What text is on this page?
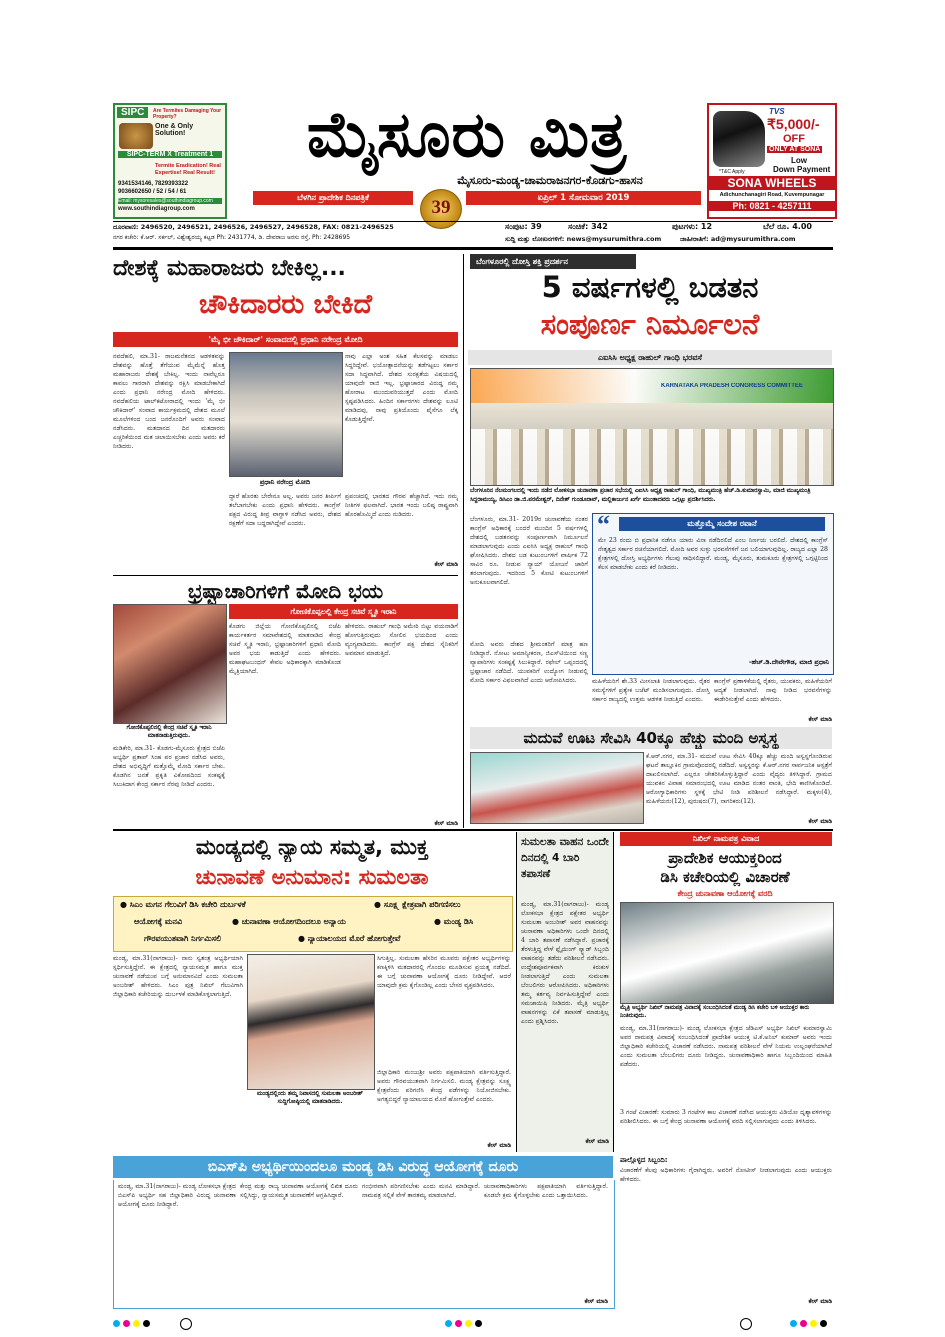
SIPC	Are Termites Damaging Your Property?
One & Only Solution!
SIPC-TERM X Treatment 1
Termite Eradication! Real Expertise! Real Result!
9341534146, 7829393322
9036602650 / 52 / 54 / 61
Email: mysoresales@southindiagroup.com
www.southindiagroup.com
ಮೈಸೂರು ಮಿತ್ರ
ಮೈಸೂರು-ಮಂಡ್ಯ-ಚಾಮರಾಜನಗರ-ಕೊಡಗು-ಹಾಸನ
ಬೆಳಗಿನ ಪ್ರಾದೇಶಿಕ ದಿನಪತ್ರಿಕೆ	39	ಏಪ್ರಿಲ್ 1 ಸೋಮವಾರ 2019
TVS
₹5,000/-
OFF
ONLY AT SONA
Low
Down Payment
*T&C Apply
SONA WHEELS
Adichunchanagiri Road, Kuvempunagar
Ph: 0821 - 4257111
ದೂರವಾಣಿ: 2496520, 2496521, 2496526, 2496527, 2496528, FAX: 0821-2496525
ನಗರ ಕಚೇರಿ: ಕೆ.ಆರ್. ಸರ್ಕಲ್, ವಿಶ್ವೇಶ್ವರಯ್ಯ ಕಟ್ಟಡ Ph: 2431774, ಡಿ. ದೇವರಾಜ ಅರಸು ರಸ್ತೆ, Ph: 2428695
ಸಂಪುಟ: 39	ಸಂಚಿಕೆ: 342	ಪುಟಗಳು: 12	ಬೆಲೆ ರೂ. 4.00
ಸುದ್ದಿ ಮತ್ತು ಲೋಖನಗಳಿಗೆ: news@mysurumithra.com	ಜಾಹೀರಾತಿಗೆ: ad@mysurumithra.com
ದೇಶಕ್ಕೆ ಮಹಾರಾಜರು ಬೇಕಿಲ್ಲ...
ಚೌಕಿದಾರರು ಬೇಕಿದೆ
'ಮೈ ಭೀ ಚೌಕಿದಾರ್' ಸಂವಾದದಲ್ಲಿ ಪ್ರಧಾನಿ ನರೇಂದ್ರ ಮೋದಿ
ನವದೆಹಲಿ, ಮಾ.31- ರಾಜಮನೆತನದ ಆಡಳಿತವನ್ನು ದೇಶವನ್ನು ಹೊತ್ತೆ ತೆಗೆಯುವ ಮೈಮೆನ್ನೆ ಹೊತ್ತ ಮಹಾರಾಜರು ದೇಶಕ್ಕೆ ಬೇಕಿಲ್ಲ. ಇಂದು ನಾವೆಲ್ಲರೂ ಕಾವಲು ಗಾರರಾಗಿ ದೇಶವನ್ನು ರಕ್ಷಿಸಿ ಮಾಡಬೇಕಾಗಿದೆ ಎಂದು ಪ್ರಧಾನಿ ನರೇಂದ್ರ ಮೋದಿ ಹೇಳಿದರು. ನವದೆಹಲಿಯ ಟಾಲ್‌ಕಟೋರಾದಲ್ಲಿ ಇಂದು 'ಮೈ ಭೀ ಚೌಕಿದಾರ್' ಸಂವಾದ ಕಾರ್ಯಕ್ರಮದಲ್ಲಿ ದೇಶದ ಮೂಲೆ ಮೂಲೆಗಳಿಂದ ಬಂದ ಜನರೊಂದಿಗೆ ಅವರು ಸಂವಾದ ನಡೆಸಿದರು. ಮತದಾನದ ದಿನ ಮತದಾರರು ಎಚ್ಚರಿಕೆಯಿಂದ ಮತ ಚಲಾಯಿಸಬೇಕು ಎಂದು ಅವರು ಕರೆ ನೀಡಿದರು.
ಪ್ರಧಾನಿ ನರೇಂದ್ರ ಮೋದಿ
ನಾವು ಎಲ್ಲಾ ಅಂಶ ಸಹಿತ ಕೆಲಸವನ್ನು ಮಾಡಲು ಸಿದ್ಧರಿದ್ದೇವೆ. ಭಯೋತ್ಪಾದನೆಯನ್ನು ತಡೆಗಟ್ಟಲು ಸರ್ಕಾರ ಸದಾ ಸಿದ್ಧವಾಗಿದೆ. ದೇಶದ ಸುರಕ್ಷತೆಯ ವಿಷಯದಲ್ಲಿ ಯಾವುದೇ ರಾಜಿ ಇಲ್ಲ. ಭ್ರಷ್ಟಾಚಾರದ ವಿರುದ್ಧ ನಮ್ಮ ಹೋರಾಟ ಮುಂದುವರಿಯುತ್ತದೆ ಎಂದು ಮೋದಿ ಸ್ಪಷ್ಟಪಡಿಸಿದರು. ಹಿಂದಿನ ಸರ್ಕಾರಗಳು ದೇಶವನ್ನು ಲೂಟಿ ಮಾಡಿದವು, ನಾವು ಪ್ರತಿಯೊಂದು ಪೈಸೆಗೂ ಲೆಕ್ಕ ಕೊಡುತ್ತಿದ್ದೇವೆ.
ದ್ದಾರೆ ಹೊರತು ಬೇರೇನೂ ಅಲ್ಲ. ಅವರು ಜನರ ತೀರ್ಪಿಗೆ ತಲೆಬಾಗಬೇಕು ಎಂದು ಪ್ರಧಾನಿ ಹೇಳಿದರು. ಕಾಂಗ್ರೆಸ್ ಪಕ್ಷದ ವಿರುದ್ಧ ತೀವ್ರ ವಾಗ್ದಾಳಿ ನಡೆಸಿದ ಅವರು, ದೇಶದ ರಕ್ಷಣೆಗೆ ಸದಾ ಬದ್ಧರಾಗಿದ್ದೇವೆ ಎಂದರು.
ಪ್ರಪಂಚದಲ್ಲಿ ಭಾರತದ ಗೌರವ ಹೆಚ್ಚಾಗಿದೆ. ಇದು ನಮ್ಮ ನೀತಿಗಳ ಫಲವಾಗಿದೆ. ಭಾರತ ಇಂದು ಬಲಿಷ್ಠ ರಾಷ್ಟ್ರವಾಗಿ ಹೊರಹೊಮ್ಮಿದೆ ಎಂದು ನುಡಿದರು.
ಕೇಸ್ ಮಾಡಿ
ಭ್ರಷ್ಟಾಚಾರಿಗಳಿಗೆ ಮೋದಿ ಭಯ
ಗೋಣಿಕೊಪ್ಪಲಲ್ಲಿ ಕೇಂದ್ರ ಸಚಿವೆ ಸ್ಮೃತಿ ಇರಾನಿ
ಗೋಣಿಕೊಪ್ಪಲಿನಲ್ಲಿ ಕೇಂದ್ರ ಸಚಿವೆ ಸ್ಮೃತಿ ಇರಾನಿ ಮಾತನಾಡುತ್ತಿರುವುದು.
ಕೊಡಗು ಜಿಲ್ಲೆಯ ಗೋಣಿಕೊಪ್ಪಲಿನಲ್ಲಿ ಬಿಜೆಪಿ ಕಾರ್ಯಕರ್ತರ ಸಮಾವೇಶದಲ್ಲಿ ಮಾತನಾಡಿದ ಕೇಂದ್ರ ಸಚಿವೆ ಸ್ಮೃತಿ ಇರಾನಿ, ಭ್ರಷ್ಟಾಚಾರಿಗಳಿಗೆ ಪ್ರಧಾನಿ ಮೋದಿ ಅವರ ಭಯ ಕಾಡುತ್ತಿದೆ ಎಂದು ಹೇಳಿದರು. ಮಹಾಘಟಬಂಧನ್ ಕೇವಲ ಅಧಿಕಾರಕ್ಕಾಗಿ ಮಾಡಿಕೊಂಡ ಮೈತ್ರಿಯಾಗಿದೆ.
ಹೇಳಿದರು. ರಾಹುಲ್ ಗಾಂಧಿ ಅಮೇಠಿ ಬಿಟ್ಟು ವಯನಾಡಿಗೆ ಹೋಗುತ್ತಿರುವುದು ಸೋಲಿನ ಭಯದಿಂದ ಎಂದು ವ್ಯಂಗ್ಯವಾಡಿದರು. ಕಾಂಗ್ರೆಸ್ ಪಕ್ಷ ದೇಶದ ಸೈನಿಕರಿಗೆ ಅವಮಾನ ಮಾಡುತ್ತಿದೆ.
ಮಡಿಕೇರಿ, ಮಾ.31- ಕೊಡಗು-ಮೈಸೂರು ಕ್ಷೇತ್ರದ ಬಿಜೆಪಿ ಅಭ್ಯರ್ಥಿ ಪ್ರತಾಪ್ ಸಿಂಹ ಪರ ಪ್ರಚಾರ ನಡೆಸಿದ ಅವರು, ದೇಶದ ಅಭಿವೃದ್ಧಿಗೆ ಮತ್ತೊಮ್ಮೆ ಮೋದಿ ಸರ್ಕಾರ ಬೇಕು. ಕೊಡಗಿನ ಜನತೆ ಪ್ರಕೃತಿ ವಿಕೋಪದಿಂದ ಸಂಕಷ್ಟಕ್ಕೆ ಸಿಲುಕಿದಾಗ ಕೇಂದ್ರ ಸರ್ಕಾರ ನೆರವು ನೀಡಿದೆ ಎಂದರು.
ಕೇಸ್ ಮಾಡಿ
ಬೆಂಗಳೂರಲ್ಲಿ ದೋಸ್ತಿ ಶಕ್ತಿ ಪ್ರದರ್ಶನ
5 ವರ್ಷಗಳಲ್ಲಿ ಬಡತನ
ಸಂಪೂರ್ಣ ನಿರ್ಮೂಲನೆ
ಎಐಸಿಸಿ ಅಧ್ಯಕ್ಷ ರಾಹುಲ್ ಗಾಂಧಿ ಭರವಸೆ
KARNATAKA PRADESH CONGRESS COMMITTEE
ಬೆಂಗಳೂರಿನ ನೆಲಮಂಗಲದಲ್ಲಿ ಇಂದು ನಡೆದ ಲೋಕಸಭಾ ಚುನಾವಣಾ ಪ್ರಚಾರ ಸಭೆಯಲ್ಲಿ ಎಐಸಿಸಿ ಅಧ್ಯಕ್ಷ ರಾಹುಲ್ ಗಾಂಧಿ, ಮುಖ್ಯಮಂತ್ರಿ ಹೆಚ್.ಡಿ.ಕುಮಾರಸ್ವಾಮಿ, ಮಾಜಿ ಮುಖ್ಯಮಂತ್ರಿ ಸಿದ್ದರಾಮಯ್ಯ, ಡಿಸಿಎಂ ಡಾ.ಜಿ.ಪರಮೇಶ್ವರ್, ದಿನೇಶ್ ಗುಂಡೂರಾವ್, ಮಲ್ಲಿಕಾರ್ಜುನ ಖರ್ಗೆ ಮುಂತಾದವರು ಒಗ್ಗಟ್ಟು ಪ್ರದರ್ಶಿಸಿದರು.
ಬೆಂಗಳೂರು, ಮಾ.31- 2019ರ ಚುನಾವಣೆಯ ನಂತರ ಕಾಂಗ್ರೆಸ್ ಅಧಿಕಾರಕ್ಕೆ ಬಂದರೆ ಮುಂದಿನ 5 ವರ್ಷಗಳಲ್ಲಿ ದೇಶದಲ್ಲಿ ಬಡತನವನ್ನು ಸಂಪೂರ್ಣವಾಗಿ ನಿರ್ಮೂಲನೆ ಮಾಡಲಾಗುವುದು ಎಂದು ಎಐಸಿಸಿ ಅಧ್ಯಕ್ಷ ರಾಹುಲ್ ಗಾಂಧಿ ಘೋಷಿಸಿದರು. ದೇಶದ ಬಡ ಕುಟುಂಬಗಳಿಗೆ ವಾರ್ಷಿಕ 72 ಸಾವಿರ ರೂ. ನೀಡುವ ನ್ಯಾಯ್ ಯೋಜನೆ ಜಾರಿಗೆ ತರಲಾಗುವುದು. ಇದರಿಂದ 5 ಕೋಟಿ ಕುಟುಂಬಗಳಿಗೆ ಅನುಕೂಲವಾಗಲಿದೆ.
ಮೋದಿ ಅವರು ದೇಶದ ಶ್ರೀಮಂತರಿಗೆ ಮಾತ್ರ ಹಣ ನೀಡಿದ್ದಾರೆ. ನೋಟು ಅಮಾನ್ಯೀಕರಣ, ಜಿಎಸ್‌ಟಿಯಿಂದ ಸಣ್ಣ ವ್ಯಾಪಾರಿಗಳು ಸಂಕಷ್ಟಕ್ಕೆ ಸಿಲುಕಿದ್ದಾರೆ. ರಫೇಲ್ ಒಪ್ಪಂದದಲ್ಲಿ ಭ್ರಷ್ಟಾಚಾರ ನಡೆದಿದೆ. ಯುವಕರಿಗೆ ಉದ್ಯೋಗ ನೀಡುವಲ್ಲಿ ಮೋದಿ ಸರ್ಕಾರ ವಿಫಲವಾಗಿದೆ ಎಂದು ಆರೋಪಿಸಿದರು.
“	ಮತ್ತೊಮ್ಮೆ ಸಂದೇಶ ರವಾನೆ
ಮೇ 23 ರಂದು ಬಿ ಪ್ರಧಾನಿಕ ನಡೆಗೂ ಯಾರು ವಿನಾ ನಡೆದಿರಲಿದೆ ಎಂಬ ನಿರ್ಣಯ ಬರಲಿದೆ. ದೇಶದಲ್ಲಿ ಕಾಂಗ್ರೆಸ್ ನೇತೃತ್ವದ ಸರ್ಕಾರ ರಚನೆಯಾಗಲಿದೆ. ಮೋದಿ ಅವರ ಸುಳ್ಳು ಭರವಸೆಗಳಿಗೆ ಜನ ಬಲಿಯಾಗುವುದಿಲ್ಲ. ರಾಜ್ಯದ ಎಲ್ಲಾ 28 ಕ್ಷೇತ್ರಗಳಲ್ಲಿ ದೋಸ್ತಿ ಅಭ್ಯರ್ಥಿಗಳು ಗೆಲುವು ಸಾಧಿಸಲಿದ್ದಾರೆ. ಮಂಡ್ಯ, ಮೈಸೂರು, ತುಮಕೂರು ಕ್ಷೇತ್ರಗಳಲ್ಲಿ ಒಗ್ಗಟ್ಟಿನಿಂದ ಕೆಲಸ ಮಾಡಬೇಕು ಎಂದು ಕರೆ ನೀಡಿದರು.
-ಹೆಚ್.ಡಿ.ದೇವೇಗೌಡ, ಮಾಜಿ ಪ್ರಧಾನಿ
ಮಹಿಳೆಯರಿಗೆ ಶೇ.33 ಮೀಸಲಾತಿ ನೀಡಲಾಗುವುದು. ರೈತರ ಸಮಸ್ಯೆಗಳಿಗೆ ಪ್ರತ್ಯೇಕ ಬಜೆಟ್ ಮಂಡಿಸಲಾಗುವುದು. ದೋಸ್ತಿ ಸರ್ಕಾರ ರಾಜ್ಯದಲ್ಲಿ ಉತ್ತಮ ಆಡಳಿತ ನೀಡುತ್ತಿದೆ ಎಂದರು.
ಕಾಂಗ್ರೆಸ್ ಪ್ರಣಾಳಿಕೆಯಲ್ಲಿ ರೈತರು, ಯುವಕರು, ಮಹಿಳೆಯರಿಗೆ ಆದ್ಯತೆ ನೀಡಲಾಗಿದೆ. ನಾವು ನೀಡಿದ ಭರವಸೆಗಳನ್ನು ಈಡೇರಿಸುತ್ತೇವೆ ಎಂದು ಹೇಳಿದರು.
ಕೇಸ್ ಮಾಡಿ
ಮದುವೆ ಊಟ ಸೇವಿಸಿ 40ಕ್ಕೂ ಹೆಚ್ಚು ಮಂದಿ ಅಸ್ವಸ್ಥ
ಕೆ.ಆರ್.ನಗರ, ಮಾ.31- ಮದುವೆ ಊಟ ಸೇವಿಸಿ 40ಕ್ಕೂ ಹೆಚ್ಚು ಮಂದಿ ಅಸ್ವಸ್ಥಗೊಂಡಿರುವ ಘಟನೆ ತಾಲ್ಲೂಕಿನ ಗ್ರಾಮವೊಂದರಲ್ಲಿ ನಡೆದಿದೆ. ಅಸ್ವಸ್ಥರನ್ನು ಕೆ.ಆರ್.ನಗರ ಸಾರ್ವಜನಿಕ ಆಸ್ಪತ್ರೆಗೆ ದಾಖಲಿಸಲಾಗಿದೆ. ಎಲ್ಲರೂ ಚೇತರಿಸಿಕೊಳ್ಳುತ್ತಿದ್ದಾರೆ ಎಂದು ವೈದ್ಯರು ತಿಳಿಸಿದ್ದಾರೆ. ಗ್ರಾಮದ ಯುವಕನ ವಿವಾಹ ಸಮಾರಂಭದಲ್ಲಿ ಊಟ ಮಾಡಿದ ನಂತರ ವಾಂತಿ, ಭೇದಿ ಕಾಣಿಸಿಕೊಂಡಿದೆ. ಆರೋಗ್ಯಾಧಿಕಾರಿಗಳು ಸ್ಥಳಕ್ಕೆ ಭೇಟಿ ನೀಡಿ ಪರಿಶೀಲನೆ ನಡೆಸಿದ್ದಾರೆ. ಮಕ್ಕಳು(4), ಮಹಿಳೆಯರು(12), ಪುರುಷರು(7), ನಾಗರಿಕರು(12).
ಕೇಸ್ ಮಾಡಿ
ಮಂಡ್ಯದಲ್ಲಿ ನ್ಯಾಯ ಸಮ್ಮತ, ಮುಕ್ತ
ಚುನಾವಣೆ ಅನುಮಾನ: ಸುಮಲತಾ
● ಸಿಎಂ ಮಗನ ಗೆಲುವಿಗೆ ಡಿಸಿ ಕಚೇರಿ ದುರ್ಬಳಕೆ	● ಸೂಕ್ಷ್ಮ ಕ್ಷೇತ್ರವಾಗಿ ಪರಿಗಣಿಸಲು
ಆಯೋಗಕ್ಕೆ ಮನವಿ	● ಚುನಾವಣಾ ಆಯೋಗದಿಂದಲೂ ಅನ್ಯಾಯ	● ಮಂಡ್ಯ ಡಿಸಿ
ಗೌರವಯುತವಾಗಿ ನಿರ್ಗಮಿಸಲಿ	● ನ್ಯಾಯಾಲಯದ ಮೊರೆ ಹೋಗುತ್ತೇವೆ
ಮಂಡ್ಯ, ಮಾ.31(ನಾಗರಾಜು)- ನಾನು ಸ್ವತಂತ್ರ ಅಭ್ಯರ್ಥಿಯಾಗಿ ಸ್ಪರ್ಧಿಸುತ್ತಿದ್ದೇನೆ. ಈ ಕ್ಷೇತ್ರದಲ್ಲಿ ನ್ಯಾಯಸಮ್ಮತ ಹಾಗೂ ಮುಕ್ತ ಚುನಾವಣೆ ನಡೆಯುವ ಬಗ್ಗೆ ಅನುಮಾನವಿದೆ ಎಂದು ಸುಮಲತಾ ಅಂಬರೀಶ್ ಹೇಳಿದರು. ಸಿಎಂ ಪುತ್ರ ನಿಖಿಲ್ ಗೆಲುವಿಗಾಗಿ ಜಿಲ್ಲಾಧಿಕಾರಿ ಕಚೇರಿಯನ್ನು ದುರ್ಬಳಕೆ ಮಾಡಿಕೊಳ್ಳಲಾಗುತ್ತಿದೆ.
ಮಂಡ್ಯದಲ್ಲಿಂದು ತಮ್ಮ ನಿವಾಸದಲ್ಲಿ ಸುಮಲತಾ ಅಂಬರೀಶ್ ಸುದ್ದಿಗೋಷ್ಠಿಯಲ್ಲಿ ಮಾತನಾಡಿದರು.
ಸಿಗುತ್ತಿಲ್ಲ. ಸುಮಲತಾ ಹೆಸರಿನ ಮೂವರು ಪಕ್ಷೇತರ ಅಭ್ಯರ್ಥಿಗಳನ್ನು ಕಣಕ್ಕಿಳಿಸಿ ಮತದಾರರಲ್ಲಿ ಗೊಂದಲ ಮೂಡಿಸುವ ಪ್ರಯತ್ನ ನಡೆದಿದೆ. ಈ ಬಗ್ಗೆ ಚುನಾವಣಾ ಆಯೋಗಕ್ಕೆ ದೂರು ನೀಡಿದ್ದೇವೆ. ಆದರೆ ಯಾವುದೇ ಕ್ರಮ ಕೈಗೊಂಡಿಲ್ಲ ಎಂದು ಬೇಸರ ವ್ಯಕ್ತಪಡಿಸಿದರು.
ಜಿಲ್ಲಾಧಿಕಾರಿ ಮಂಜುಶ್ರೀ ಅವರು ಪಕ್ಷಪಾತಿಯಾಗಿ ವರ್ತಿಸುತ್ತಿದ್ದಾರೆ. ಅವರು ಗೌರವಯುತವಾಗಿ ನಿರ್ಗಮಿಸಲಿ. ಮಂಡ್ಯ ಕ್ಷೇತ್ರವನ್ನು ಸೂಕ್ಷ್ಮ ಕ್ಷೇತ್ರವೆಂದು ಪರಿಗಣಿಸಿ ಕೇಂದ್ರ ಪಡೆಗಳನ್ನು ನಿಯೋಜಿಸಬೇಕು. ಅಗತ್ಯಬಿದ್ದರೆ ನ್ಯಾಯಾಲಯದ ಮೊರೆ ಹೋಗುತ್ತೇವೆ ಎಂದರು.
ಕೇಸ್ ಮಾಡಿ
ಸುಮಲತಾ ವಾಹನ ಒಂದೇ ದಿನದಲ್ಲಿ 4 ಬಾರಿ ತಪಾಸಣೆ
ಮಂಡ್ಯ, ಮಾ.31(ನಾಗರಾಜು)- ಮಂಡ್ಯ ಲೋಕಸಭಾ ಕ್ಷೇತ್ರದ ಪಕ್ಷೇತರ ಅಭ್ಯರ್ಥಿ ಸುಮಲತಾ ಅಂಬರೀಶ್ ಅವರ ವಾಹನವನ್ನು ಚುನಾವಣಾ ಅಧಿಕಾರಿಗಳು ಒಂದೇ ದಿನದಲ್ಲಿ 4 ಬಾರಿ ತಪಾಸಣೆ ನಡೆಸಿದ್ದಾರೆ. ಪ್ರಚಾರಕ್ಕೆ ತೆರಳುತ್ತಿದ್ದ ವೇಳೆ ಫ್ಲೈಯಿಂಗ್ ಸ್ಕ್ವಾಡ್ ಸಿಬ್ಬಂದಿ ವಾಹನವನ್ನು ತಡೆದು ಪರಿಶೀಲನೆ ನಡೆಸಿದರು. ಉದ್ದೇಶಪೂರ್ವಕವಾಗಿ ಕಿರುಕುಳ ನೀಡಲಾಗುತ್ತಿದೆ ಎಂದು ಸುಮಲತಾ ಬೆಂಬಲಿಗರು ಆರೋಪಿಸಿದರು. ಅಧಿಕಾರಿಗಳು ತಮ್ಮ ಕರ್ತವ್ಯ ನಿರ್ವಹಿಸುತ್ತಿದ್ದೇವೆ ಎಂದು ಸಮಜಾಯಿಷಿ ನೀಡಿದರು. ಮೈತ್ರಿ ಅಭ್ಯರ್ಥಿ ವಾಹನಗಳನ್ನು ಏಕೆ ತಪಾಸಣೆ ಮಾಡುತ್ತಿಲ್ಲ ಎಂದು ಪ್ರಶ್ನಿಸಿದರು.
ಕೇಸ್ ಮಾಡಿ
ನಿಖಿಲ್ ನಾಮಪತ್ರ ವಿವಾದ
ಪ್ರಾದೇಶಿಕ ಆಯುಕ್ತರಿಂದ
ಡಿಸಿ ಕಚೇರಿಯಲ್ಲಿ ವಿಚಾರಣೆ
ಕೇಂದ್ರ ಚುನಾವಣಾ ಆಯೋಗಕ್ಕೆ ವರದಿ
ಮೈತ್ರಿ ಅಭ್ಯರ್ಥಿ ನಿಖಿಲ್ ನಾಮಪತ್ರ ವಿವಾದಕ್ಕೆ ಸಂಬಂಧಿಸಿದಂತೆ ಮಂಡ್ಯ ಡಿಸಿ ಕಚೇರಿ ಬಳಿ ಆಯುಕ್ತರ ಕಾರು ನಿಂತಿರುವುದು.
ಮಂಡ್ಯ, ಮಾ.31(ನಾಗರಾಜು)- ಮಂಡ್ಯ ಲೋಕಸಭಾ ಕ್ಷೇತ್ರದ ಜೆಡಿಎಸ್ ಅಭ್ಯರ್ಥಿ ನಿಖಿಲ್ ಕುಮಾರಸ್ವಾಮಿ ಅವರ ನಾಮಪತ್ರ ವಿವಾದಕ್ಕೆ ಸಂಬಂಧಿಸಿದಂತೆ ಪ್ರಾದೇಶಿಕ ಆಯುಕ್ತ ಟಿ.ಕೆ.ಅನಿಲ್ ಕುಮಾರ್ ಅವರು ಇಂದು ಜಿಲ್ಲಾಧಿಕಾರಿ ಕಚೇರಿಯಲ್ಲಿ ವಿಚಾರಣೆ ನಡೆಸಿದರು. ನಾಮಪತ್ರ ಪರಿಶೀಲನೆ ವೇಳೆ ನಿಯಮ ಉಲ್ಲಂಘನೆಯಾಗಿದೆ ಎಂದು ಸುಮಲತಾ ಬೆಂಬಲಿಗರು ದೂರು ನೀಡಿದ್ದರು. ಚುನಾವಣಾಧಿಕಾರಿ ಹಾಗೂ ಸಿಬ್ಬಂದಿಯಿಂದ ಮಾಹಿತಿ ಪಡೆದರು.
3 ಗಂಟೆ ವಿಚಾರಣೆ: ಸುಮಾರು 3 ಗಂಟೆಗಳ ಕಾಲ ವಿಚಾರಣೆ ನಡೆಸಿದ ಆಯುಕ್ತರು ವಿಡಿಯೋ ದೃಶ್ಯಾವಳಿಗಳನ್ನು ಪರಿಶೀಲಿಸಿದರು. ಈ ಬಗ್ಗೆ ಕೇಂದ್ರ ಚುನಾವಣಾ ಆಯೋಗಕ್ಕೆ ವರದಿ ಸಲ್ಲಿಸಲಾಗುವುದು ಎಂದು ತಿಳಿಸಿದರು.
ಬಿಎಸ್‌ಪಿ ಅಭ್ಯರ್ಥಿಯಿಂದಲೂ ಮಂಡ್ಯ ಡಿಸಿ ವಿರುದ್ಧ ಆಯೋಗಕ್ಕೆ ದೂರು
ಮಂಡ್ಯ, ಮಾ.31(ನಾಗರಾಜು)- ಮಂಡ್ಯ ಲೋಕಸಭಾ ಕ್ಷೇತ್ರದ ಬಿಎಸ್‌ಪಿ ಅಭ್ಯರ್ಥಿ ಸಹ ಜಿಲ್ಲಾಧಿಕಾರಿ ವಿರುದ್ಧ ಚುನಾವಣಾ ಆಯೋಗಕ್ಕೆ ದೂರು ನೀಡಿದ್ದಾರೆ.
ಕೇಂದ್ರ ಮತ್ತು ರಾಜ್ಯ ಚುನಾವಣಾ ಆಯೋಗಕ್ಕೆ ಲಿಖಿತ ದೂರು ಸಲ್ಲಿಸಿದ್ದು, ನ್ಯಾಯಸಮ್ಮತ ಚುನಾವಣೆಗೆ ಆಗ್ರಹಿಸಿದ್ದಾರೆ.
ಗಂಭೀರವಾಗಿ ಪರಿಗಣಿಸಬೇಕು ಎಂದು ಮನವಿ ಮಾಡಿದ್ದಾರೆ. ನಾಮಪತ್ರ ಸಲ್ಲಿಕೆ ವೇಳೆ ತಾರತಮ್ಯ ಮಾಡಲಾಗಿದೆ.
ಚುನಾವಣಾಧಿಕಾರಿಗಳು ಪಕ್ಷಪಾತಿಯಾಗಿ ವರ್ತಿಸುತ್ತಿದ್ದಾರೆ. ಕೂಡಲೇ ಕ್ರಮ ಕೈಗೊಳ್ಳಬೇಕು ಎಂದು ಒತ್ತಾಯಿಸಿದರು.
ಕೇಸ್ ಮಾಡಿ
ಪಾಲ್ಗೊಳ್ಳದ ಸಿಬ್ಬಂದಿ:
ವಿಚಾರಣೆಗೆ ಕೆಲವು ಅಧಿಕಾರಿಗಳು ಗೈರಾಗಿದ್ದರು. ಅವರಿಗೆ ನೋಟೀಸ್ ನೀಡಲಾಗುವುದು ಎಂದು ಆಯುಕ್ತರು ಹೇಳಿದರು.
ಕೇಸ್ ಮಾಡಿ
